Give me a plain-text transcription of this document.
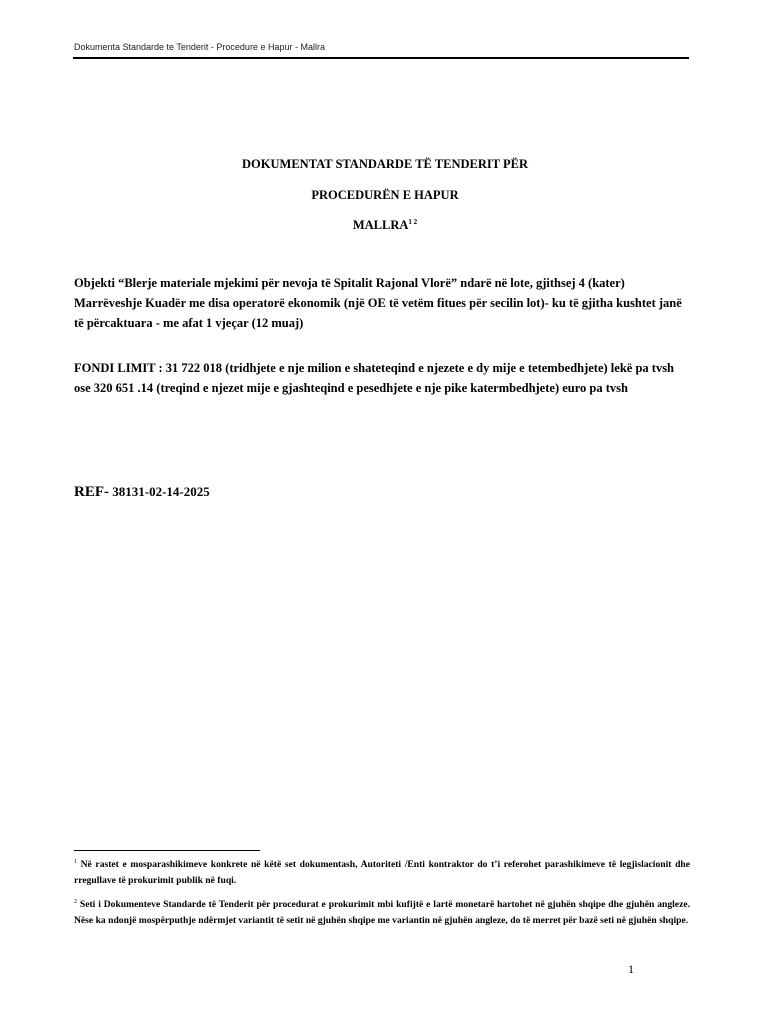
Dokumenta Standarde te Tenderit - Procedure e Hapur - Mallra
DOKUMENTAT STANDARDE TË TENDERIT PËR
PROCEDURËN E HAPUR
$MALLRA^{1 2}$
Objekti “Blerje materiale mjekimi për nevoja të Spitalit Rajonal Vlorë” ndarë në lote, gjithsej 4 (kater) Marrëveshje Kuadër me disa operatorë ekonomik (një OE të vetëm fitues për secilin lot)- ku të gjitha kushtet janë të përcaktuara - me afat 1 vjeçar (12 muaj)
FONDI LIMIT : 31 722 018 (tridhjete e nje milion e shateteqind e njezete e dy mije e tetembedhjete) lekë pa tvsh ose 320 651 .14 (treqind e njezet mije e gjashteqind e pesedhjete e nje pike katermbedhjete) euro pa tvsh
REF- 38131-02-14-2025
$^1$ Në rastet e mosparashikimeve konkrete në këtë set dokumentash, Autoriteti /Enti kontraktor do t’i referohet parashikimeve të legjislacionit dhe rregullave të prokurimit publik në fuqi.
$^2$ Seti i Dokumenteve Standarde të Tenderit për procedurat e prokurimit mbi kufijtë e lartë monetarë hartohet në gjuhën shqipe dhe gjuhën angleze. Nëse ka ndonjë mospërputhje ndërmjet variantit të setit në gjuhën shqipe me variantin në gjuhën angleze, do të merret për bazë seti në gjuhën shqipe.
1
